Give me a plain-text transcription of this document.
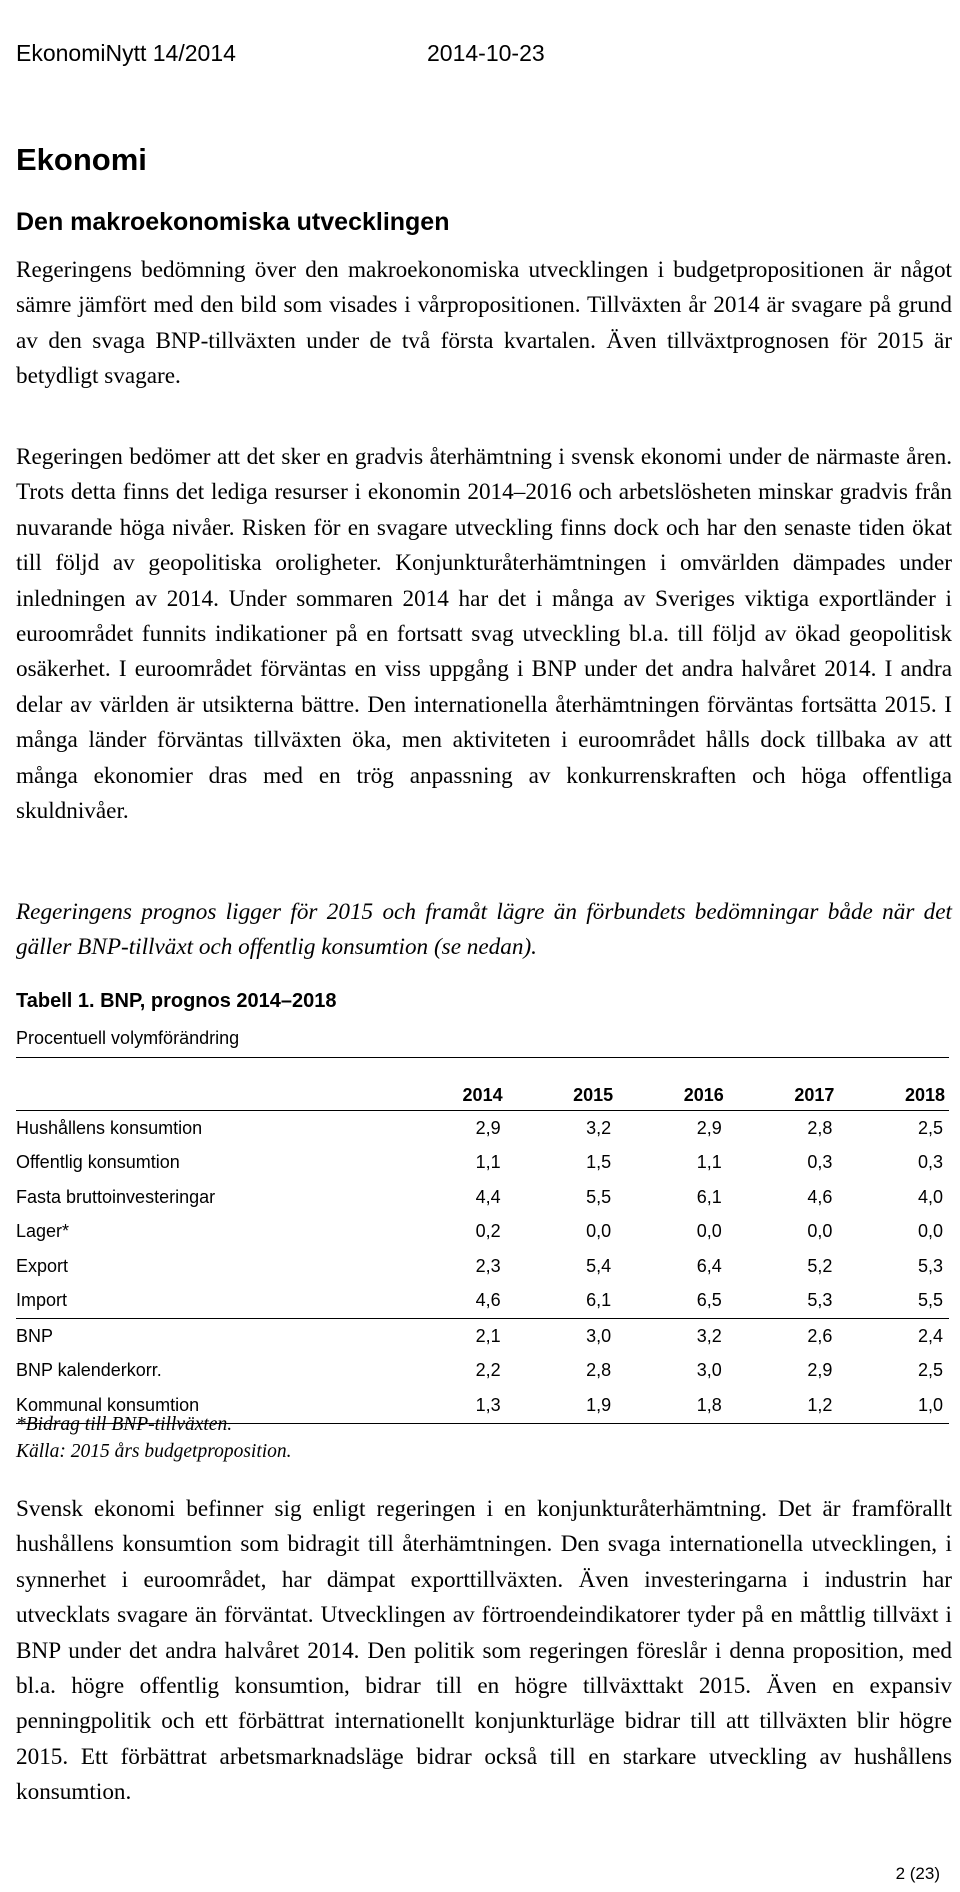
EkonomiNytt 14/2014	2014-10-23
Ekonomi
Den makroekonomiska utvecklingen

Regeringens bedömning över den makroekonomiska utvecklingen i budgetpropositionen är något sämre jämfört med den bild som visades i vårpropositionen. Tillväxten år 2014 är svagare på grund av den svaga BNP-tillväxten under de två första kvartalen. Även tillväxtprognosen för 2015 är betydligt svagare.

Regeringen bedömer att det sker en gradvis återhämtning i svensk ekonomi under de närmaste åren. Trots detta finns det lediga resurser i ekonomin 2014–2016 och arbetslösheten minskar gradvis från nuvarande höga nivåer. Risken för en svagare utveckling finns dock och har den senaste tiden ökat till följd av geopolitiska oroligheter. Konjunkturåterhämtningen i omvärlden dämpades under inledningen av 2014. Under sommaren 2014 har det i många av Sveriges viktiga exportländer i euroområdet funnits indikationer på en fortsatt svag utveckling bl.a. till följd av ökad geopolitisk osäkerhet. I euroområdet förväntas en viss uppgång i BNP under det andra halvåret 2014. I andra delar av världen är utsikterna bättre. Den internationella återhämtningen förväntas fortsätta 2015. I många länder förväntas tillväxten öka, men aktiviteten i euroområdet hålls dock tillbaka av att många ekonomier dras med en trög anpassning av konkurrenskraften och höga offentliga skuldnivåer.

Regeringens prognos ligger för 2015 och framåt lägre än förbundets bedömningar både när det gäller BNP-tillväxt och offentlig konsumtion (se nedan).

Tabell 1. BNP, prognos 2014–2018

Procentuell volymförändring

	2014	2015	2016	2017	2018
Hushållens konsumtion	2,9	3,2	2,9	2,8	2,5
Offentlig konsumtion	1,1	1,5	1,1	0,3	0,3
Fasta bruttoinvesteringar	4,4	5,5	6,1	4,6	4,0
Lager*	0,2	0,0	0,0	0,0	0,0
Export	2,3	5,4	6,4	5,2	5,3
Import	4,6	6,1	6,5	5,3	5,5
BNP	2,1	3,0	3,2	2,6	2,4
BNP kalenderkorr.	2,2	2,8	3,0	2,9	2,5
Kommunal konsumtion	1,3	1,9	1,8	1,2	1,0

*Bidrag till BNP-tillväxten.

Källa: 2015 års budgetproposition.

Svensk ekonomi befinner sig enligt regeringen i en konjunkturåterhämtning. Det är framförallt hushållens konsumtion som bidragit till återhämtningen. Den svaga internationella utvecklingen, i synnerhet i euroområdet, har dämpat exporttillväxten. Även investeringarna i industrin har utvecklats svagare än förväntat. Utvecklingen av förtroendeindikatorer tyder på en måttlig tillväxt i BNP under det andra halvåret 2014. Den politik som regeringen föreslår i denna proposition, med bl.a. högre offentlig konsumtion, bidrar till en högre tillväxttakt 2015. Även en expansiv penningpolitik och ett förbättrat internationellt konjunkturläge bidrar till att tillväxten blir högre 2015. Ett förbättrat arbetsmarknadsläge bidrar också till en starkare utveckling av hushållens konsumtion.

2 (23)
